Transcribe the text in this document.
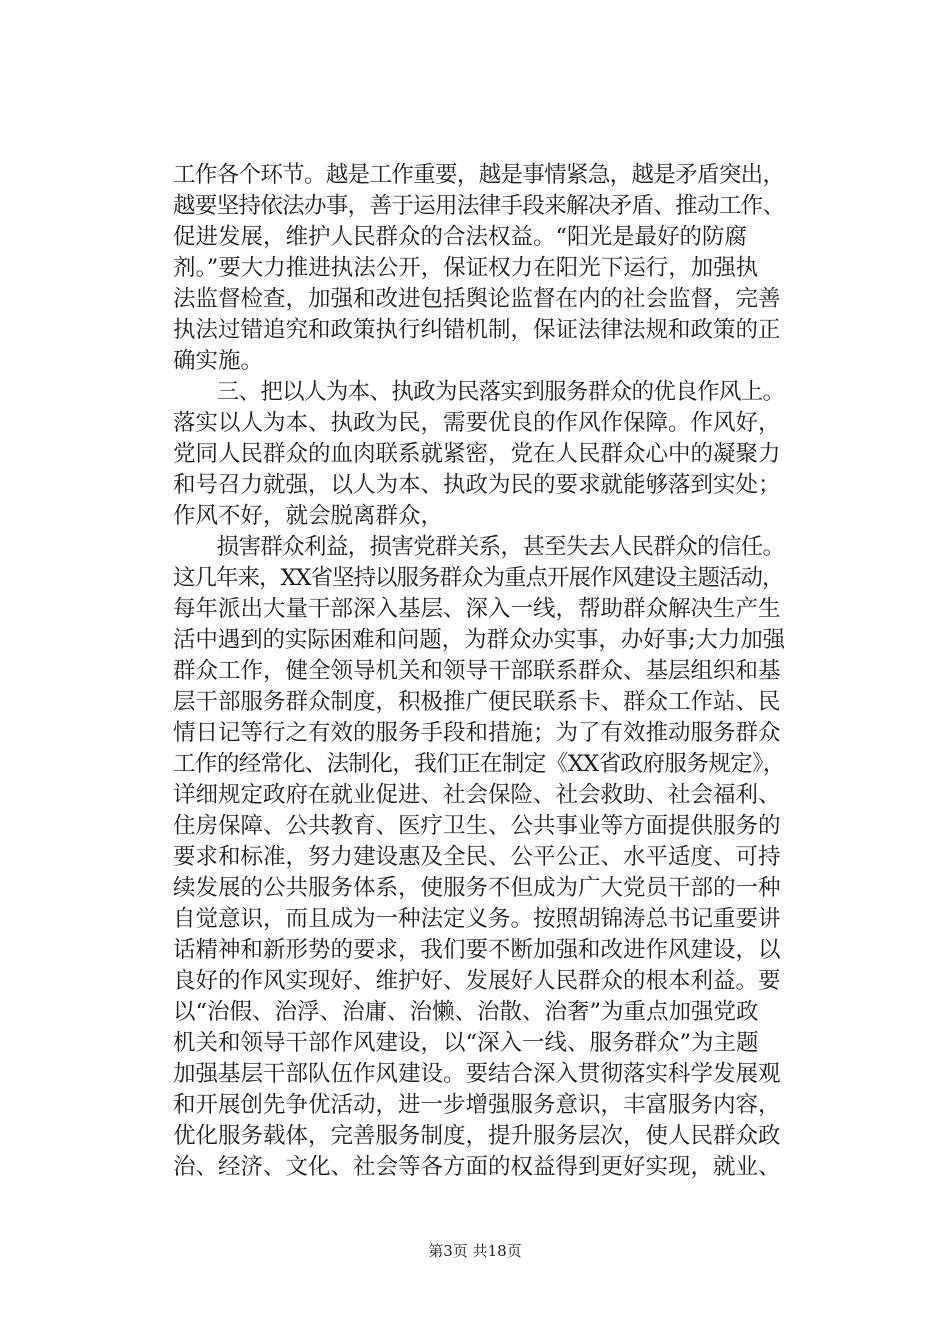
工作各个环节。越是工作重要，越是事情紧急，越是矛盾突出，
越要坚持依法办事，善于运用法律手段来解决矛盾、推动工作、
促进发展，维护人民群众的合法权益。“阳光是最好的防腐
剂。”要大力推进执法公开，保证权力在阳光下运行，加强执
法监督检查，加强和改进包括舆论监督在内的社会监督，完善
执法过错追究和政策执行纠错机制，保证法律法规和政策的正
确实施。
　　三、把以人为本、执政为民落实到服务群众的优良作风上。
落实以人为本、执政为民，需要优良的作风作保障。作风好，
党同人民群众的血肉联系就紧密，党在人民群众心中的凝聚力
和号召力就强，以人为本、执政为民的要求就能够落到实处；
作风不好，就会脱离群众，
　　损害群众利益，损害党群关系，甚至失去人民群众的信任。
这几年来，XX省坚持以服务群众为重点开展作风建设主题活动，
每年派出大量干部深入基层、深入一线，帮助群众解决生产生
活中遇到的实际困难和问题，为群众办实事，办好事;大力加强
群众工作，健全领导机关和领导干部联系群众、基层组织和基
层干部服务群众制度，积极推广便民联系卡、群众工作站、民
情日记等行之有效的服务手段和措施；为了有效推动服务群众
工作的经常化、法制化，我们正在制定《XX省政府服务规定》，
详细规定政府在就业促进、社会保险、社会救助、社会福利、
住房保障、公共教育、医疗卫生、公共事业等方面提供服务的
要求和标准，努力建设惠及全民、公平公正、水平适度、可持
续发展的公共服务体系，使服务不但成为广大党员干部的一种
自觉意识，而且成为一种法定义务。按照胡锦涛总书记重要讲
话精神和新形势的要求，我们要不断加强和改进作风建设，以
良好的作风实现好、维护好、发展好人民群众的根本利益。要
以“治假、治浮、治庸、治懒、治散、治奢”为重点加强党政
机关和领导干部作风建设，以“深入一线、服务群众”为主题
加强基层干部队伍作风建设。要结合深入贯彻落实科学发展观
和开展创先争优活动，进一步增强服务意识，丰富服务内容，
优化服务载体，完善服务制度，提升服务层次，使人民群众政
治、经济、文化、社会等各方面的权益得到更好实现，就业、
第3页 共18页
